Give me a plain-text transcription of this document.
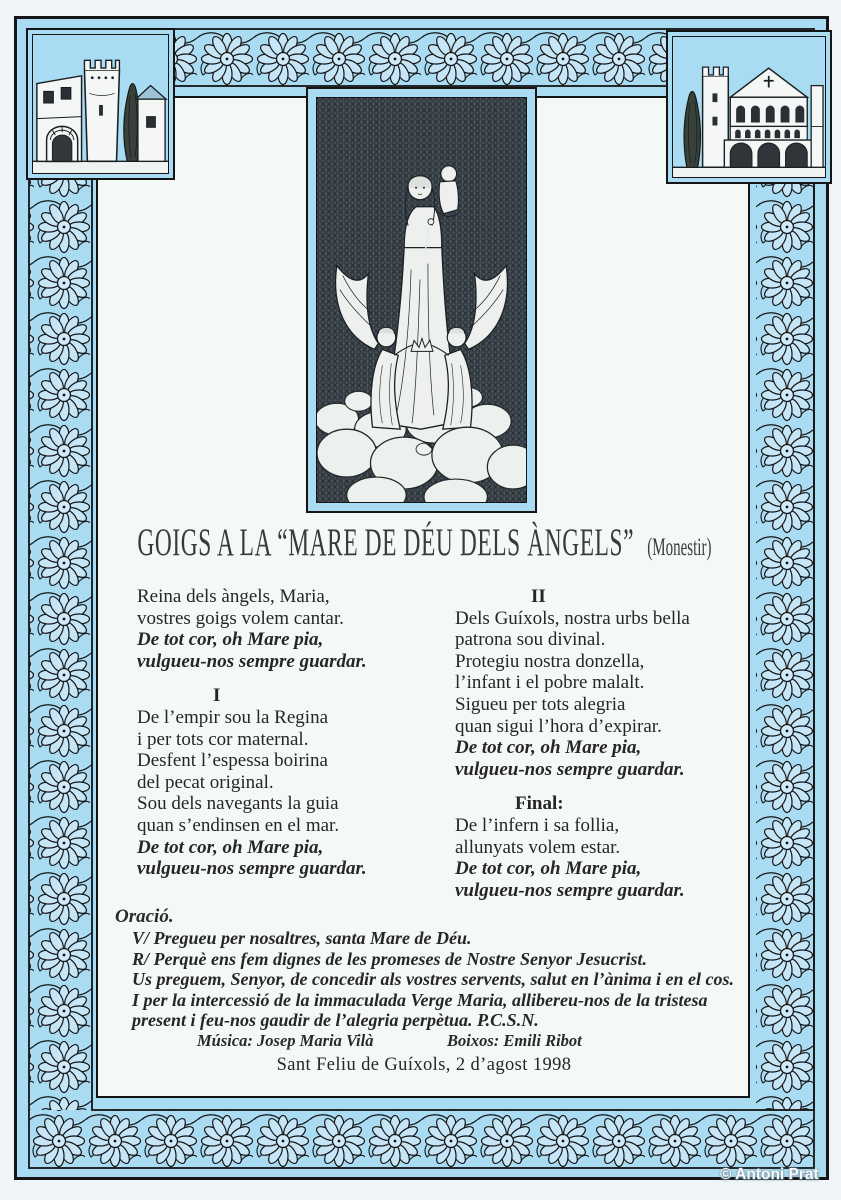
GOIGS A LA “MARE DE DÉU DELS ÀNGELS” (Monestir)
Reina dels àngels, Maria,
vostres goigs volem cantar.
De tot cor, oh Mare pia,
vulgueu-nos sempre guardar.
I
De l’empir sou la Regina
i per tots cor maternal.
Desfent l’espessa boirina
del pecat original.
Sou dels navegants la guia
quan s’endinsen en el mar.
De tot cor, oh Mare pia,
vulgueu-nos sempre guardar.
II
Dels Guíxols, nostra urbs bella
patrona sou divinal.
Protegiu nostra donzella,
l’infant i el pobre malalt.
Sigueu per tots alegria
quan sigui l’hora d’expirar.
De tot cor, oh Mare pia,
vulgueu-nos sempre guardar.
Final:
De l’infern i sa follia,
allunyats volem estar.
De tot cor, oh Mare pia,
vulgueu-nos sempre guardar.
Oració.
V/ Pregueu per nosaltres, santa Mare de Déu.
R/ Perquè ens fem dignes de les promeses de Nostre Senyor Jesucrist.
Us preguem, Senyor, de concedir als vostres servents, salut en l’ànima i en el cos.
I per la intercessió de la immaculada Verge Maria, allibereu-nos de la tristesa
present i feu-nos gaudir de l’alegria perpètua. P.C.S.N.
Música: Josep Maria Vilà	Boixos: Emili Ribot
Sant Feliu de Guíxols, 2 d’agost 1998
© Antoni Prat
